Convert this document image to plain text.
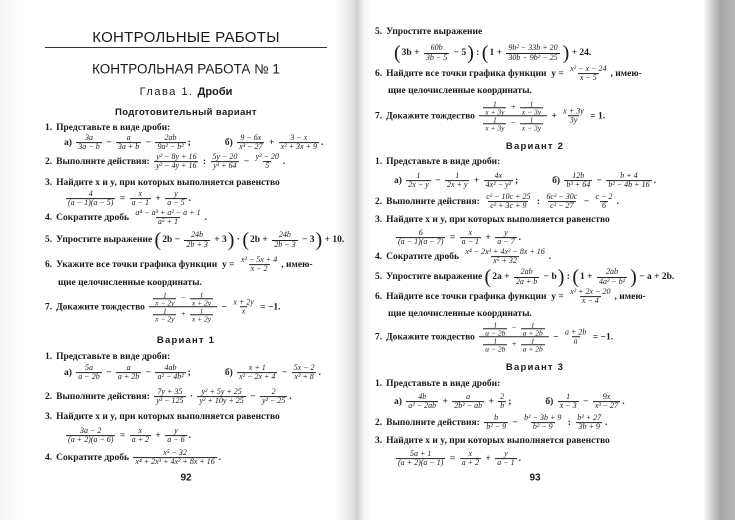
КОНТРОЛЬНЫЕ РАБОТЫ
КОНТРОЛЬНАЯ РАБОТА № 1
Глава 1. Дроби
Подготовительный вариант
1. Представьте в виде дроби:
$а) \frac{3a}{3a - b} - \frac{a}{3a + b} - \frac{2ab}{\text{9a² − b²}}$ ;	$б) \frac{9 - 6x}{\text{x³ − 27}} + \frac{3 - x}{\text{x² + 3x + 9}}$ .
2. Выполните действия: $\frac{\text{y² − 8y + 16}}{\text{y² − 4y + 16}}$ : $\frac{5y - 20}{\text{y³ + 64}} - \frac{\text{y² − 20}}{5}$ .
3. Найдите x и y, при которых выполняется равенство
$\frac{4}{(a - 1)(a - 5)} = \frac{x}{a - 1} + \frac{y}{a - 5}$ .
4. Сократите дробь $\frac{\text{a⁴ − a³ + a² − a + 1}}{\text{a⁵ + 1}}$ .
5. Упростите выражение ( $2b - \frac{24b}{2b + 3} + 3$
) · ( $2b + \frac{24b}{2b - 3} - 3$
) + 10.
6. Укажите все точки графика функции  $y = \frac{\text{x² − 5x + 4}}{x - 2}$ , имею-
щие целочисленные координаты.
7. Докажите тождество $\frac{\frac{1}{x - 2y} - \frac{1}{x + 2y}}{\frac{1}{x - 2y} + \frac{1}{x + 2y}} - \frac{x + 2y}{x} = -1$.
Вариант 1
1. Представьте в виде дроби:
$а) \frac{5a}{a - 2b} - \frac{a}{a + 2b} - \frac{4ab}{\text{a² − 4b²}}$ ;	$б) \frac{x + 1}{\text{x² − 2x + 4}} - \frac{5x - 2}{\text{x³ + 8}}$ .
2. Выполните действия: $\frac{7y + 35}{\text{y³ − 125}} \cdot \frac{\text{y² + 5y + 25}}{\text{y² + 10y + 25}} - \frac{2}{\text{y² − 25}}$ .
3. Найдите x и y, при которых выполняется равенство
$\frac{3a - 2}{(a + 2)(a - 6)} = \frac{x}{a + 2} + \frac{y}{a - 6}$ .
4. Сократите дробь $\frac{\text{x⁵ − 32}}{\text{x⁴ + 2x³ + 4x² + 8x + 16}}$ .
92
5. Упростите выражение
( $3b + \frac{60b}{3b - 5} - 5$
) : ( $1 + \frac{\text{9b² − 33b + 20}}{\text{30b − 9b² − 25}}$
) + 24.
6. Найдите все точки графика функции  $y = \frac{\text{x² − x − 24}}{x - 5}$ , имею-
щие целочисленные координаты.
7. Докажите тождество $\frac{\frac{1}{x + 3y} + \frac{1}{x - 3y}}{\frac{1}{x + 3y} - \frac{1}{x - 3y}} + \frac{x + 3y}{3y} = 1$.
Вариант 2
1. Представьте в виде дроби:
$а) \frac{1}{2x - y} - \frac{1}{2x + y} + \frac{4x}{\text{4x² − y²}}$ ;	$б) \frac{12b}{\text{b³ + 64}} - \frac{b + 4}{\text{b² − 4b + 16}}$ .
2. Выполните действия: $\frac{\text{c² − 10c + 25}}{\text{c² + 3c + 9}}$ : $\frac{\text{6c² − 30c}}{\text{c³ − 27}} - \frac{c - 2}{6}$ .
3. Найдите x и y, при которых выполняется равенство
$\frac{6}{(a - 1)(a - 7)} = \frac{x}{a - 1} + \frac{y}{a - 7}$ .
4. Сократите дробь $\frac{\text{x⁴ − 2x³ + 4x² − 8x + 16}}{\text{x⁵ + 32}}$ .
5. Упростите выражение ( $2a + \frac{2ab}{2a + b} - b$
) : ( $1 + \frac{2ab}{\text{4a² − b²}}$
) − a + 2b.
6. Найдите все точки графика функции  $y = \frac{\text{x² + 2x − 20}}{x - 4}$ , имею-
щие целочисленные координаты.
7. Докажите тождество $\frac{\frac{1}{a - 2b} - \frac{1}{a + 2b}}{\frac{1}{a - 2b} + \frac{1}{a + 2b}} - \frac{a + 2b}{a} = -1$.
Вариант 3
1. Представьте в виде дроби:
$а) \frac{4b}{\text{a² − 2ab}} + \frac{a}{\text{2b² − ab}} + \frac{2}{b}$ ;	$б) \frac{1}{x - 3} - \frac{9x}{\text{x³ − 27}}$ .
2. Выполните действия: $\frac{b}{\text{b² − 9}} - \frac{\text{b² − 3b + 9}}{\text{b² − 9}}$ : $\frac{\text{b³ + 27}}{3b + 9}$ .
3. Найдите x и y, при которых выполняется равенство
$\frac{5a + 1}{(a + 2)(a - 1)} = \frac{x}{a + 2} + \frac{y}{a - 1}$ .
93
